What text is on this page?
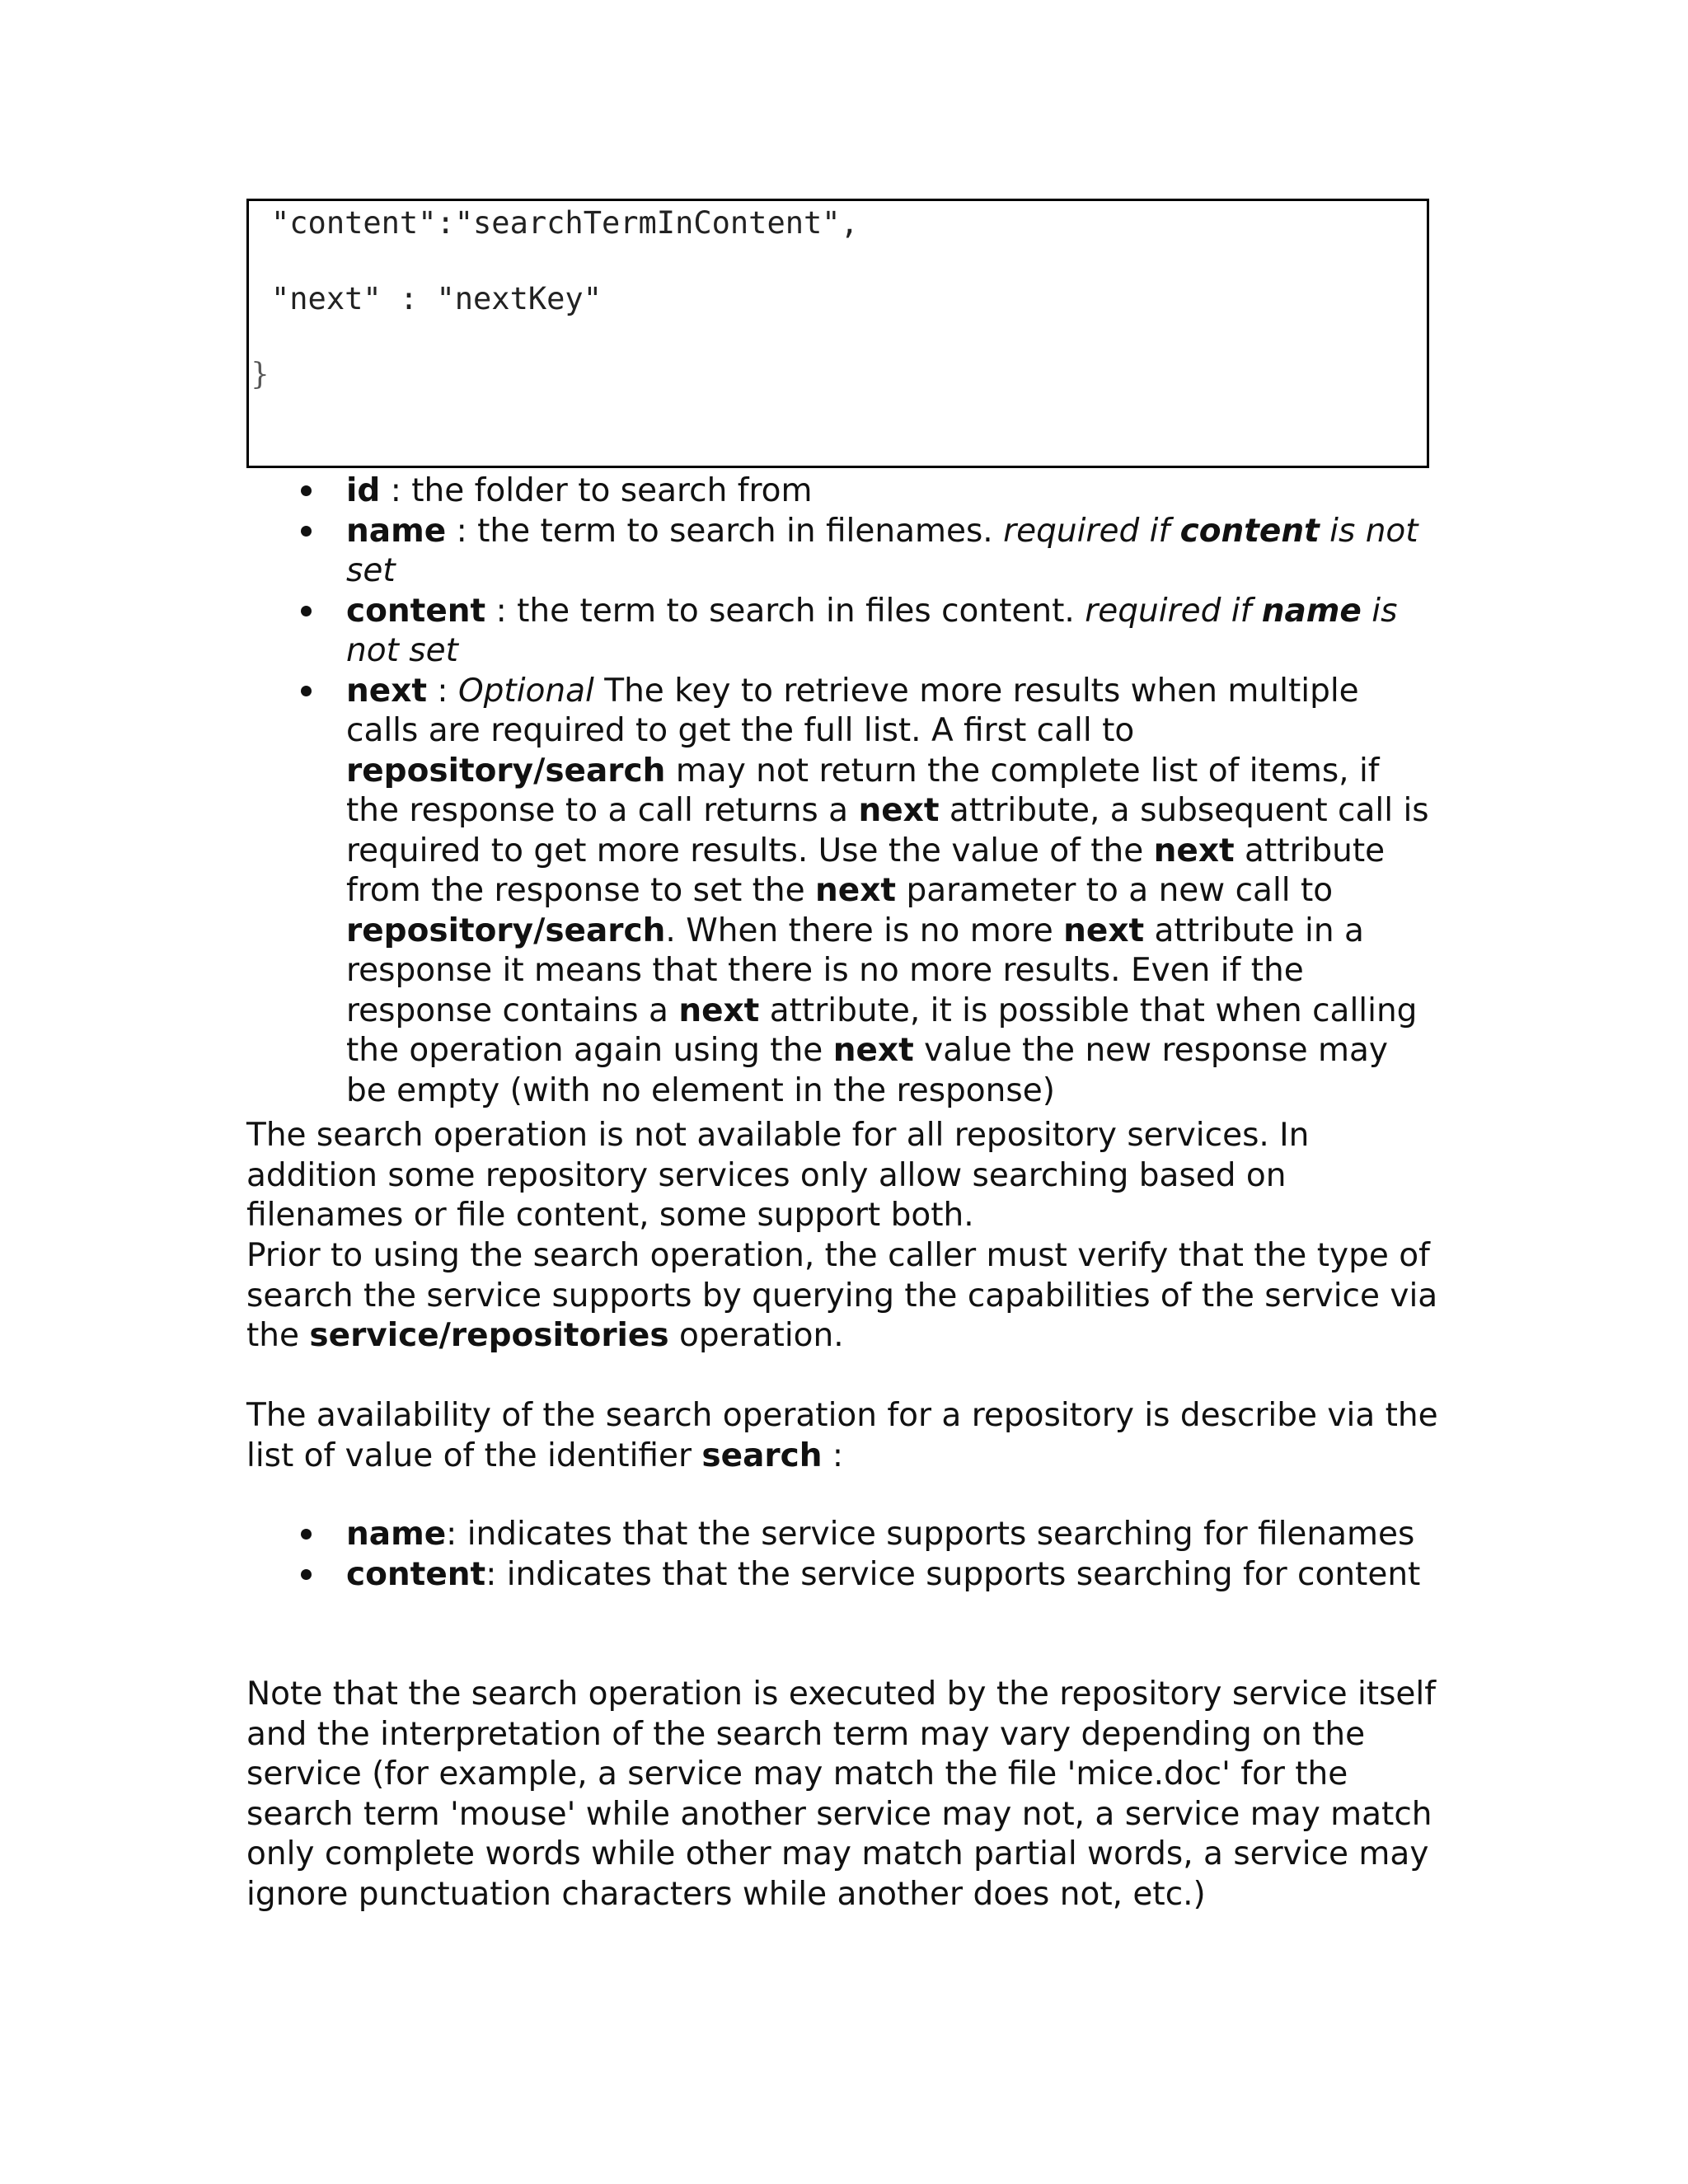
"content":"searchTermInContent",
"next" : "nextKey"
}
id : the folder to search from
name : the term to search in filenames. required if content is not set
content : the term to search in files content. required if name is not set
next : Optional The key to retrieve more results when multiple calls are required to get the full list. A first call to repository/search may not return the complete list of items, if the response to a call returns a next attribute, a subsequent call is required to get more results. Use the value of the next attribute from the response to set the next parameter to a new call to repository/search. When there is no more next attribute in a response it means that there is no more results. Even if the response contains a next attribute, it is possible that when calling the operation again using the next value the new response may be empty (with no element in the response)

The search operation is not available for all repository services. In addition some repository services only allow searching based on filenames or file content, some support both.

Prior to using the search operation, the caller must verify that the type of search the service supports by querying the capabilities of the service via the service/repositories operation.

The availability of the search operation for a repository is describe via the list of value of the identifier search :

name: indicates that the service supports searching for filenames
content: indicates that the service supports searching for content

Note that the search operation is executed by the repository service itself and the interpretation of the search term may vary depending on the service (for example, a service may match the file 'mice.doc' for the search term 'mouse' while another service may not, a service may match only complete words while other may match partial words, a service may ignore punctuation characters while another does not, etc.)
